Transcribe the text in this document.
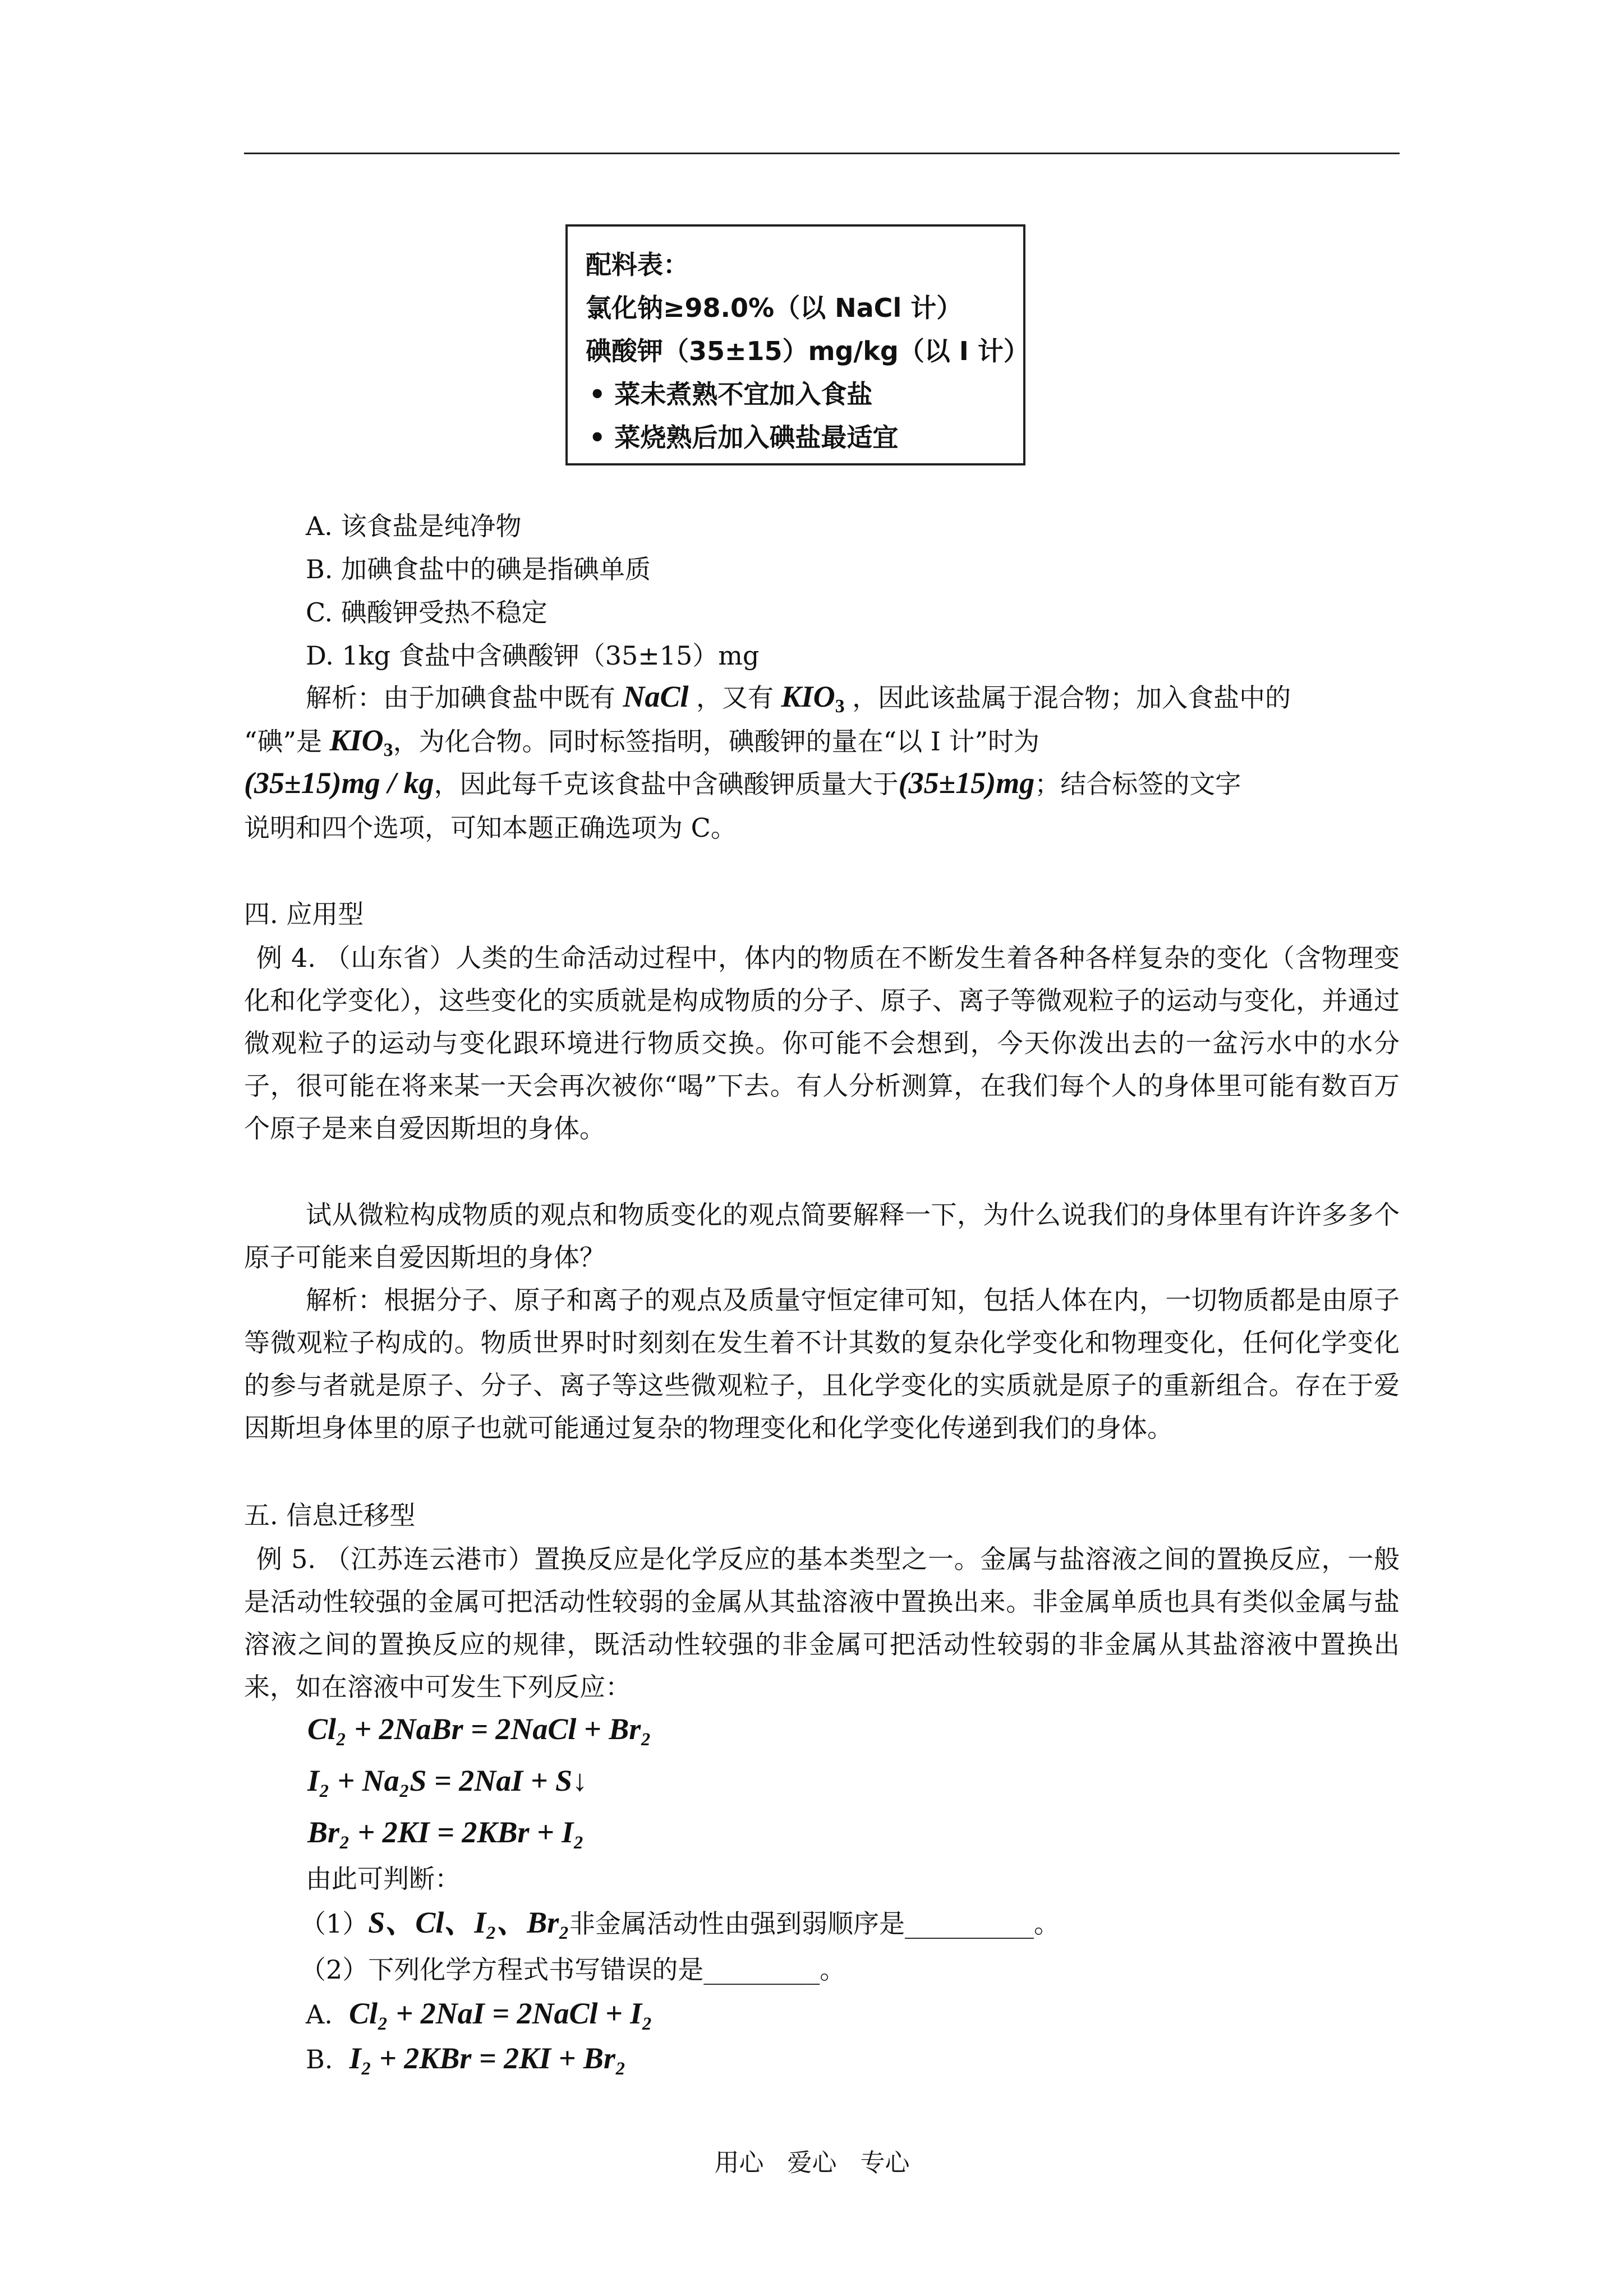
配料表：
氯化钠≥98.0%（以 NaCl 计）
碘酸钾（35±15）mg/kg（以 I 计）
• 菜未煮熟不宜加入食盐
• 菜烧熟后加入碘盐最适宜
A. 该食盐是纯净物
B. 加碘食盐中的碘是指碘单质
C. 碘酸钾受热不稳定
D. 1kg 食盐中含碘酸钾（35±15）mg
解析：由于加碘食盐中既有 NaCl ，又有 $KIO_3$ ，因此该盐属于混合物；加入食盐中的
“碘”是 $KIO_3$，为化合物。同时标签指明，碘酸钾的量在“以 I 计”时为
(35±15)mg / kg，因此每千克该食盐中含碘酸钾质量大于(35±15)mg；结合标签的文字
说明和四个选项，可知本题正确选项为 C。
四. 应用型
例 4. （山东省）人类的生命活动过程中，体内的物质在不断发生着各种各样复杂的变化（含物理变化和化学变化），这些变化的实质就是构成物质的分子、原子、离子等微观粒子的运动与变化，并通过微观粒子的运动与变化跟环境进行物质交换。你可能不会想到，今天你泼出去的一盆污水中的水分子，很可能在将来某一天会再次被你“喝”下去。有人分析测算，在我们每个人的身体里可能有数百万个原子是来自爱因斯坦的身体。
试从微粒构成物质的观点和物质变化的观点简要解释一下，为什么说我们的身体里有许许多多个原子可能来自爱因斯坦的身体？
解析：根据分子、原子和离子的观点及质量守恒定律可知，包括人体在内，一切物质都是由原子等微观粒子构成的。物质世界时时刻刻在发生着不计其数的复杂化学变化和物理变化，任何化学变化的参与者就是原子、分子、离子等这些微观粒子，且化学变化的实质就是原子的重新组合。存在于爱因斯坦身体里的原子也就可能通过复杂的物理变化和化学变化传递到我们的身体。
五. 信息迁移型
例 5. （江苏连云港市）置换反应是化学反应的基本类型之一。金属与盐溶液之间的置换反应，一般是活动性较强的金属可把活动性较弱的金属从其盐溶液中置换出来。非金属单质也具有类似金属与盐溶液之间的置换反应的规律，既活动性较强的非金属可把活动性较弱的非金属从其盐溶液中置换出来，如在溶液中可发生下列反应：
Cl₂ + 2NaBr = 2NaCl + Br₂
I₂ + Na₂S = 2NaI + S↓
Br₂ + 2KI = 2KBr + I₂
由此可判断：
（1）S、Cl、I₂、Br₂非金属活动性由强到弱顺序是__________。
（2）下列化学方程式书写错误的是_________。
A. Cl₂ + 2NaI = 2NaCl + I₂
B. I₂ + 2KBr = 2KI + Br₂
用心   爱心   专心
